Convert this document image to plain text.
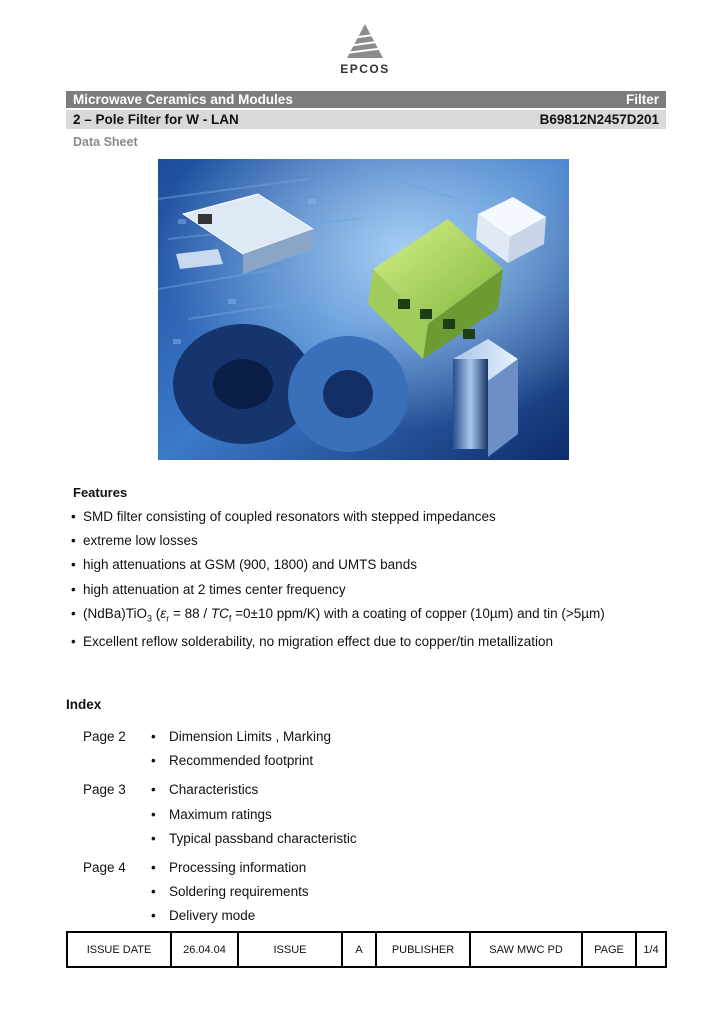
EPCOS
Microwave Ceramics and Modules	Filter
2 – Pole Filter for W - LAN	B69812N2457D201
Data Sheet
Features
• SMD filter consisting of coupled resonators with stepped impedances
• extreme low losses
• high attenuations at GSM (900, 1800) and UMTS bands
• high attenuation at 2 times center frequency
• (NdBa)TiO$_3$ ($\varepsilon_r = 88 / TC_f =0\pm 10$ ppm/K) with a coating of copper (10µm) and tin (>5µm)
• Excellent reflow solderability, no migration effect due to copper/tin metallization
Index
Page 2 • Dimension Limits , Marking
• Recommended footprint
Page 3 • Characteristics
• Maximum ratings
• Typical passband characteristic
Page 4 • Processing information
• Soldering requirements
• Delivery mode
ISSUE DATE	26.04.04	ISSUE	A	PUBLISHER	SAW MWC PD	PAGE	1/4
